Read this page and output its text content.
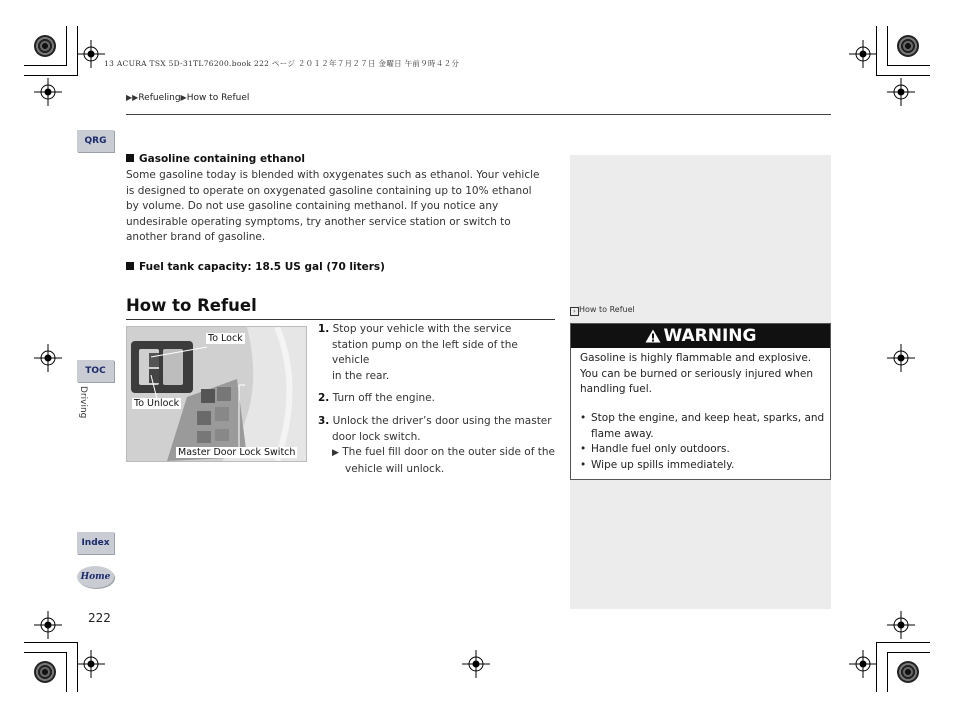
13 ACURA TSX 5D-31TL76200.book 222 ページ ２０１２年７月２７日 金曜日 午前９時４２分
▶▶Refueling▶How to Refuel
QRG
TOC
Driving
Index
Home
222
Gasoline containing ethanol
Some gasoline today is blended with oxygenates such as ethanol. Your vehicle is designed to operate on oxygenated gasoline containing up to 10% ethanol by volume. Do not use gasoline containing methanol. If you notice any undesirable operating symptoms, try another service station or switch to another brand of gasoline.
Fuel tank capacity: 18.5 US gal (70 liters)
How to Refuel
To Lock
To Unlock
Master Door Lock Switch
1. Stop your vehicle with the service
station pump on the left side of the vehicle
in the rear.
2. Turn off the engine.
3. Unlock the driver’s door using the master
door lock switch.
▶ The fuel fill door on the outer side of the
vehicle will unlock.
› How to Refuel
WARNING
Gasoline is highly flammable and explosive. You can be burned or seriously injured when handling fuel.
• Stop the engine, and keep heat, sparks, and flame away.
• Handle fuel only outdoors.
• Wipe up spills immediately.
